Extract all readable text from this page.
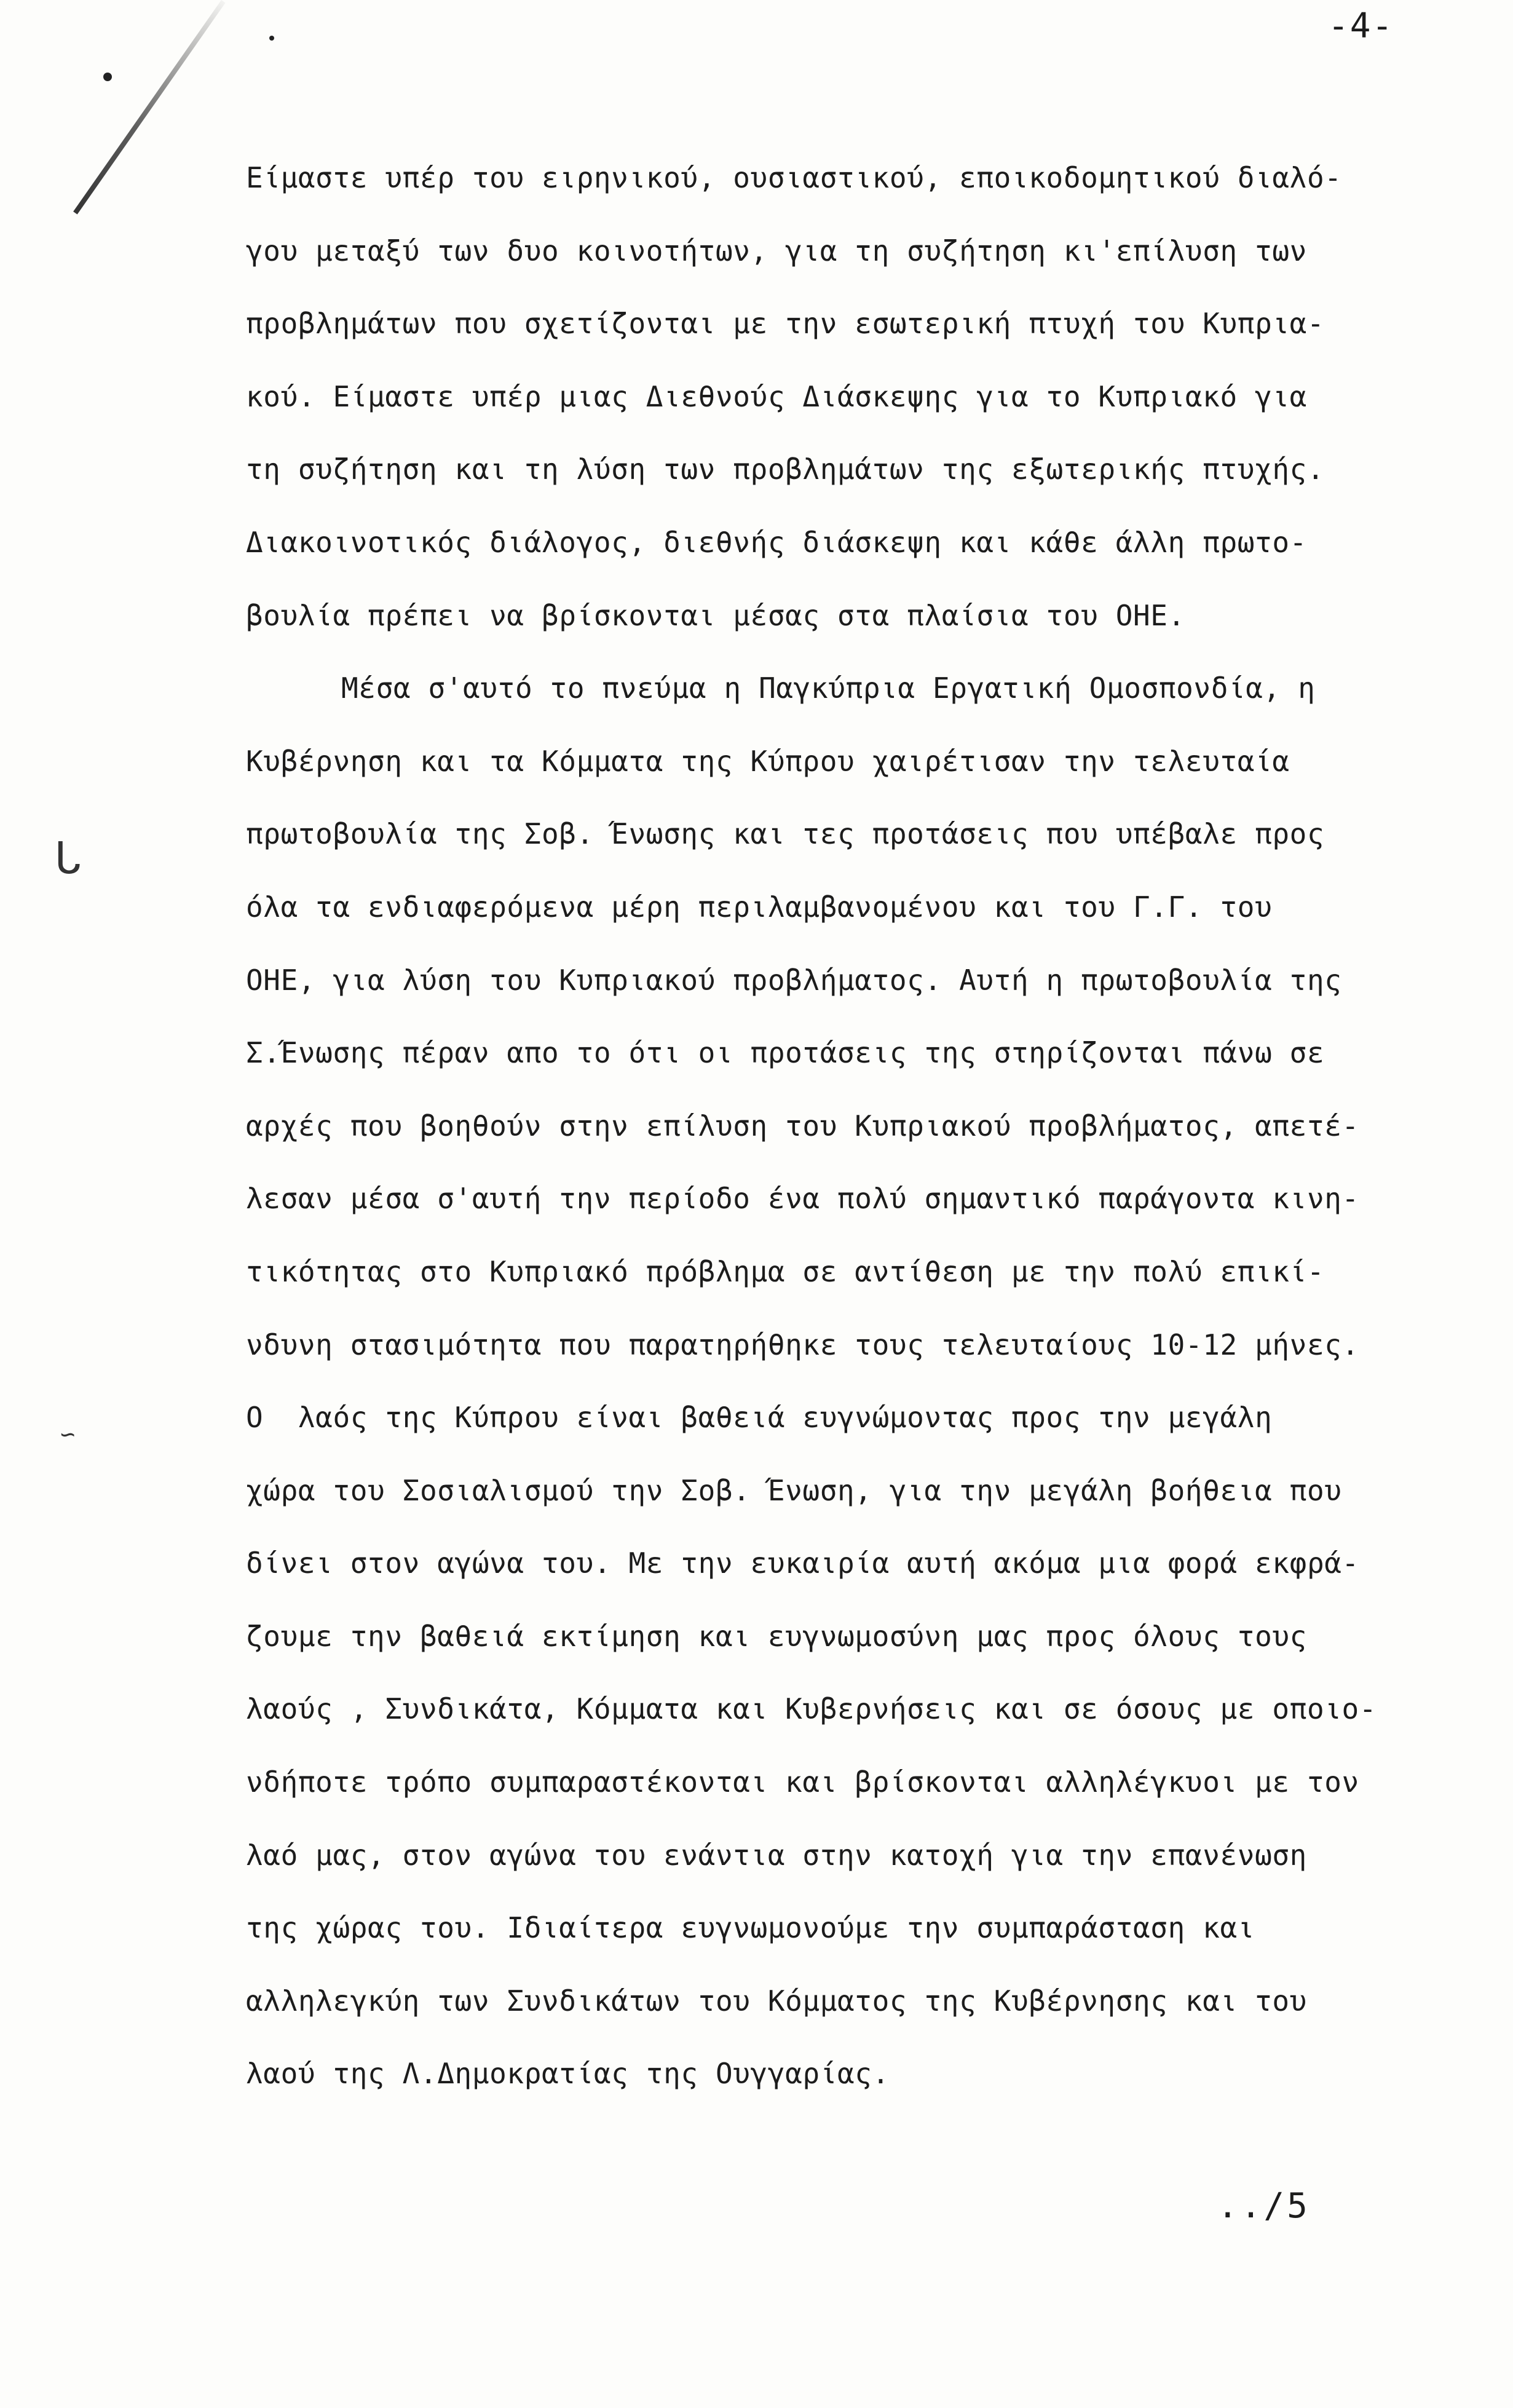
ᒐ
∽
-4-
Είμαστε υπέρ του ειρηνικού, ουσιαστικού, εποικοδομητικού διαλό-
γου μεταξύ των δυο κοινοτήτων, για τη συζήτηση κι'επίλυση των
προβλημάτων που σχετίζονται με την εσωτερική πτυχή του Κυπρια-
κού. Είμαστε υπέρ μιας Διεθνούς Διάσκεψης για το Κυπριακό για
τη συζήτηση και τη λύση των προβλημάτων της εξωτερικής πτυχής.
Διακοινοτικός διάλογος, διεθνής διάσκεψη και κάθε άλλη πρωτο-
βουλία πρέπει να βρίσκονται μέσας στα πλαίσια του ΟΗΕ.
Μέσα σ'αυτό το πνεύμα η Παγκύπρια Εργατική Ομοσπονδία, η
Κυβέρνηση και τα Κόμματα της Κύπρου χαιρέτισαν την τελευταία
πρωτοβουλία της Σοβ. Ένωσης και τες προτάσεις που υπέβαλε προς
όλα τα ενδιαφερόμενα μέρη περιλαμβανομένου και του Γ.Γ. του
ΟΗΕ, για λύση του Κυπριακού προβλήματος. Αυτή η πρωτοβουλία της
Σ.Ένωσης πέραν απο το ότι οι προτάσεις της στηρίζονται πάνω σε
αρχές που βοηθούν στην επίλυση του Κυπριακού προβλήματος, απετέ-
λεσαν μέσα σ'αυτή την περίοδο ένα πολύ σημαντικό παράγοντα κινη-
τικότητας στο Κυπριακό πρόβλημα σε αντίθεση με την πολύ επικί-
νδυνη στασιμότητα που παρατηρήθηκε τους τελευταίους 10-12 μήνες.
Ο  λαός της Κύπρου είναι βαθειά ευγνώμοντας προς την μεγάλη
χώρα του Σοσιαλισμού την Σοβ. Ένωση, για την μεγάλη βοήθεια που
δίνει στον αγώνα του. Με την ευκαιρία αυτή ακόμα μια φορά εκφρά-
ζουμε την βαθειά εκτίμηση και ευγνωμοσύνη μας προς όλους τους
λαούς , Συνδικάτα, Κόμματα και Κυβερνήσεις και σε όσους με οποιο-
νδήποτε τρόπο συμπαραστέκονται και βρίσκονται αλληλέγκυοι με τον
λαό μας, στον αγώνα του ενάντια στην κατοχή για την επανένωση
της χώρας του. Ιδιαίτερα ευγνωμονούμε την συμπαράσταση και
αλληλεγκύη των Συνδικάτων του Κόμματος της Κυβέρνησης και του
λαού της Λ.Δημοκρατίας της Ουγγαρίας.
../5
